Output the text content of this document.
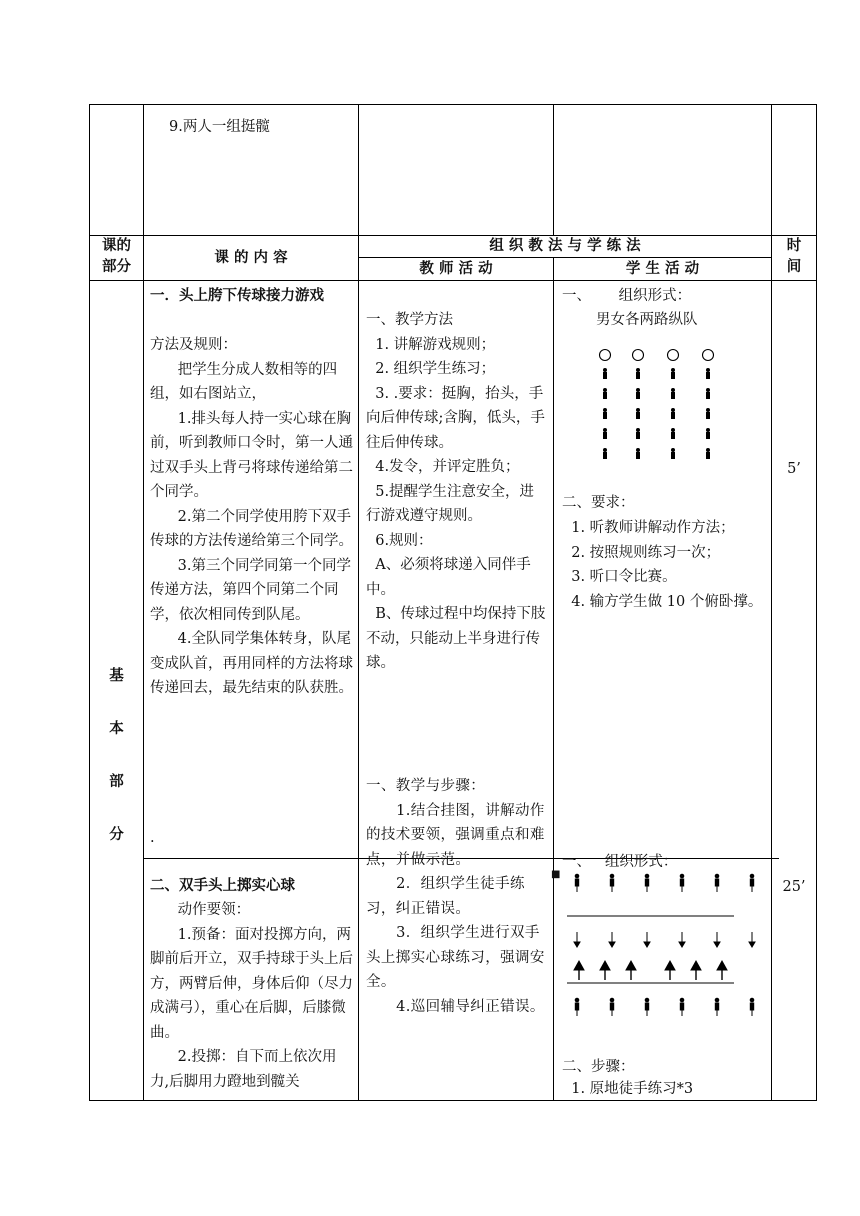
9.两人一组挺髋
课的
部分
课 的 内 容
组 织 教 法 与 学 练 法
教 师 活 动	学 生 活 动
时
间
基

本

部

分
一．头上胯下传球接力游戏
方法及规则：
把学生分成人数相等的四组，如右图站立，
1.排头每人持一实心球在胸前，听到教师口令时，第一人通过双手头上背弓将球传递给第二个同学。
2.第二个同学使用胯下双手传球的方法传递给第三个同学。
3.第三个同学同第一个同学传递方法，第四个同第二个同学，依次相同传到队尾。
4.全队同学集体转身，队尾变成队首，再用同样的方法将球传递回去，最先结束的队获胜。
.
一、教学方法
1. 讲解游戏规则；
2. 组织学生练习；
3. .要求：挺胸，抬头，手向后伸传球;含胸，低头，手往后伸传球。
4.发令，并评定胜负；
5.提醒学生注意安全，进行游戏遵守规则。
6.规则：
A、必须将球递入同伴手中。
B、传球过程中均保持下肢不动，只能动上半身进行传球。
一、      组织形式：
男女各两路纵队
二、要求：
1. 听教师讲解动作方法；
2. 按照规则练习一次；
3. 听口令比赛。
4. 输方学生做 10 个俯卧撑。
5’
二、双手头上掷实心球
动作要领：
1.预备：面对投掷方向，两脚前后开立，双手持球于头上后方，两臂后伸，身体后仰（尽力成满弓），重心在后脚，后膝微曲。
2.投掷：自下而上依次用力,后脚用力蹬地到髋关
一、教学与步骤：
1.结合挂图，讲解动作的技术要领，强调重点和难点，并做示范。
2．组织学生徒手练习，纠正错误。
3．组织学生进行双手头上掷实心球练习，强调安全。
4.巡回辅导纠正错误。
一、   组织形式：
■
二、步骤：
1. 原地徒手练习*3
25’
